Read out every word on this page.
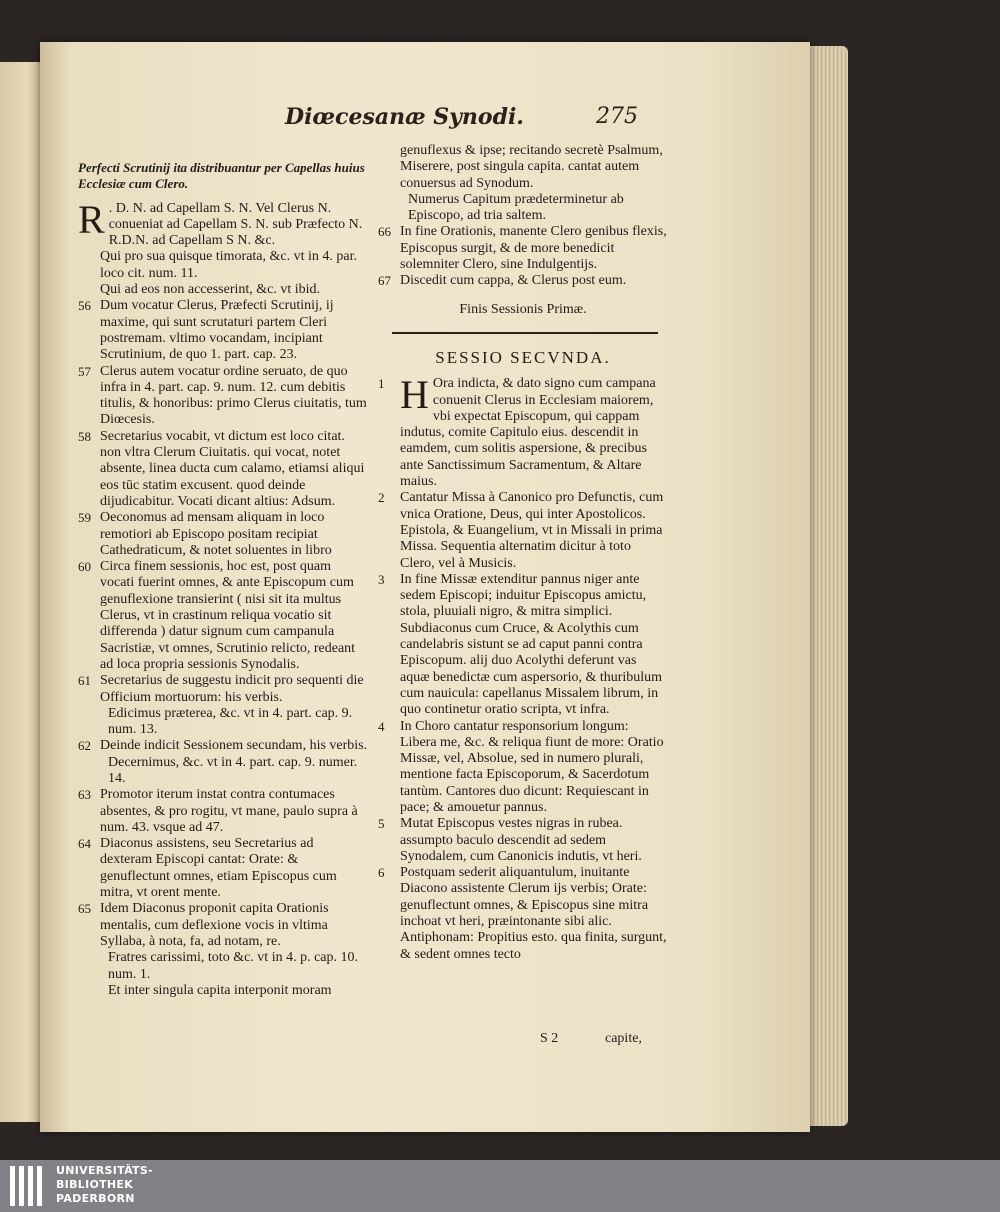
Diœcesanæ Synodi.	275

Perfecti Scrutinij ita distribuantur per Capellas huius Ecclesiæ cum Clero.

R . D. N. ad Capellam S. N. Vel Clerus N. conueniat ad Capellam S. N. sub Præfecto N.

R.D.N. ad Capellam S N. &c.

Qui pro sua quisque timorata, &c. vt in 4. par. loco cit. num. 11.

Qui ad eos non accesserint, &c. vt ibid.

56 Dum vocatur Clerus, Præfecti Scrutinij, ij maxime, qui sunt scrutaturi partem Cleri postremam. vltimo vocandam, incipiant Scrutinium, de quo 1. part. cap. 23.

57 Clerus autem vocatur ordine seruato, de quo infra in 4. part. cap. 9. num. 12. cum debitis titulis, & honoribus: primo Clerus ciuitatis, tum Diœcesis.

58 Secretarius vocabit, vt dictum est loco citat. non vltra Clerum Ciuitatis. qui vocat, notet absente, linea ducta cum calamo, etiamsi aliqui eos tūc statim excusent. quod deinde dijudicabitur. Vocati dicant altius: Adsum.

59 Oeconomus ad mensam aliquam in loco remotiori ab Episcopo positam recipiat Cathedraticum, & notet soluentes in libro

60 Circa finem sessionis, hoc est, post quam vocati fuerint omnes, & ante Episcopum cum genuflexione transierint ( nisi sit ita multus Clerus, vt in crastinum reliqua vocatio sit differenda ) datur signum cum campanula Sacristiæ, vt omnes, Scrutinio relicto, redeant ad loca propria sessionis Synodalis.

61 Secretarius de suggestu indicit pro sequenti die Officium mortuorum: his verbis.

Edicimus præterea, &c. vt in 4. part. cap. 9. num. 13.

62 Deinde indicit Sessionem secundam, his verbis.

Decernimus, &c. vt in 4. part. cap. 9. numer. 14.

63 Promotor iterum instat contra contumaces absentes, & pro rogitu, vt mane, paulo supra à num. 43. vsque ad 47.

64 Diaconus assistens, seu Secretarius ad dexteram Episcopi cantat: Orate: & genuflectunt omnes, etiam Episcopus cum mitra, vt orent mente.

65 Idem Diaconus proponit capita Orationis mentalis, cum deflexione vocis in vltima Syllaba, à nota, fa, ad notam, re.

Fratres carissimi, toto &c. vt in 4. p. cap. 10. num. 1.

Et inter singula capita interponit moram

genuflexus & ipse; recitando secretè Psalmum, Miserere, post singula capita. cantat autem conuersus ad Synodum.

Numerus Capitum prædeterminetur ab Episcopo, ad tria saltem.

66 In fine Orationis, manente Clero genibus flexis, Episcopus surgit, & de more benedicit solemniter Clero, sine Indulgentijs.

67 Discedit cum cappa, & Clerus post eum.

Finis Sessionis Primæ.

SESSIO SECVNDA.

1 H Ora indicta, & dato signo cum campana conuenit Clerus in Ecclesiam maiorem, vbi expectat Episcopum, qui cappam indutus, comite Capitulo eius. descendit in eamdem, cum solitis aspersione, & precibus ante Sanctissimum Sacramentum, & Altare maius.

2 Cantatur Missa à Canonico pro Defunctis, cum vnica Oratione, Deus, qui inter Apostolicos. Epistola, & Euangelium, vt in Missali in prima Missa. Sequentia alternatim dicitur à toto Clero, vel à Musicis.

3 In fine Missæ extenditur pannus niger ante sedem Episcopi; induitur Episcopus amictu, stola, pluuiali nigro, & mitra simplici. Subdiaconus cum Cruce, & Acolythis cum candelabris sistunt se ad caput panni contra Episcopum. alij duo Acolythi deferunt vas aquæ benedictæ cum aspersorio, & thuribulum cum nauicula: capellanus Missalem librum, in quo continetur oratio scripta, vt infra.

4 In Choro cantatur responsorium longum: Libera me, &c. & reliqua fiunt de more: Oratio Missæ, vel, Absolue, sed in numero plurali, mentione facta Episcoporum, & Sacerdotum tantùm. Cantores duo dicunt: Requiescant in pace; & amouetur pannus.

5 Mutat Episcopus vestes nigras in rubea. assumpto baculo descendit ad sedem Synodalem, cum Canonicis indutis, vt heri.

6 Postquam sederit aliquantulum, inuitante Diacono assistente Clerum ijs verbis; Orate: genuflectunt omnes, & Episcopus sine mitra inchoat vt heri, præintonante sibi alic. Antiphonam: Propitius esto. qua finita, surgunt, & sedent omnes tecto

S 2	capite,
UNIVERSITÄTS-
BIBLIOTHEK
PADERBORN
